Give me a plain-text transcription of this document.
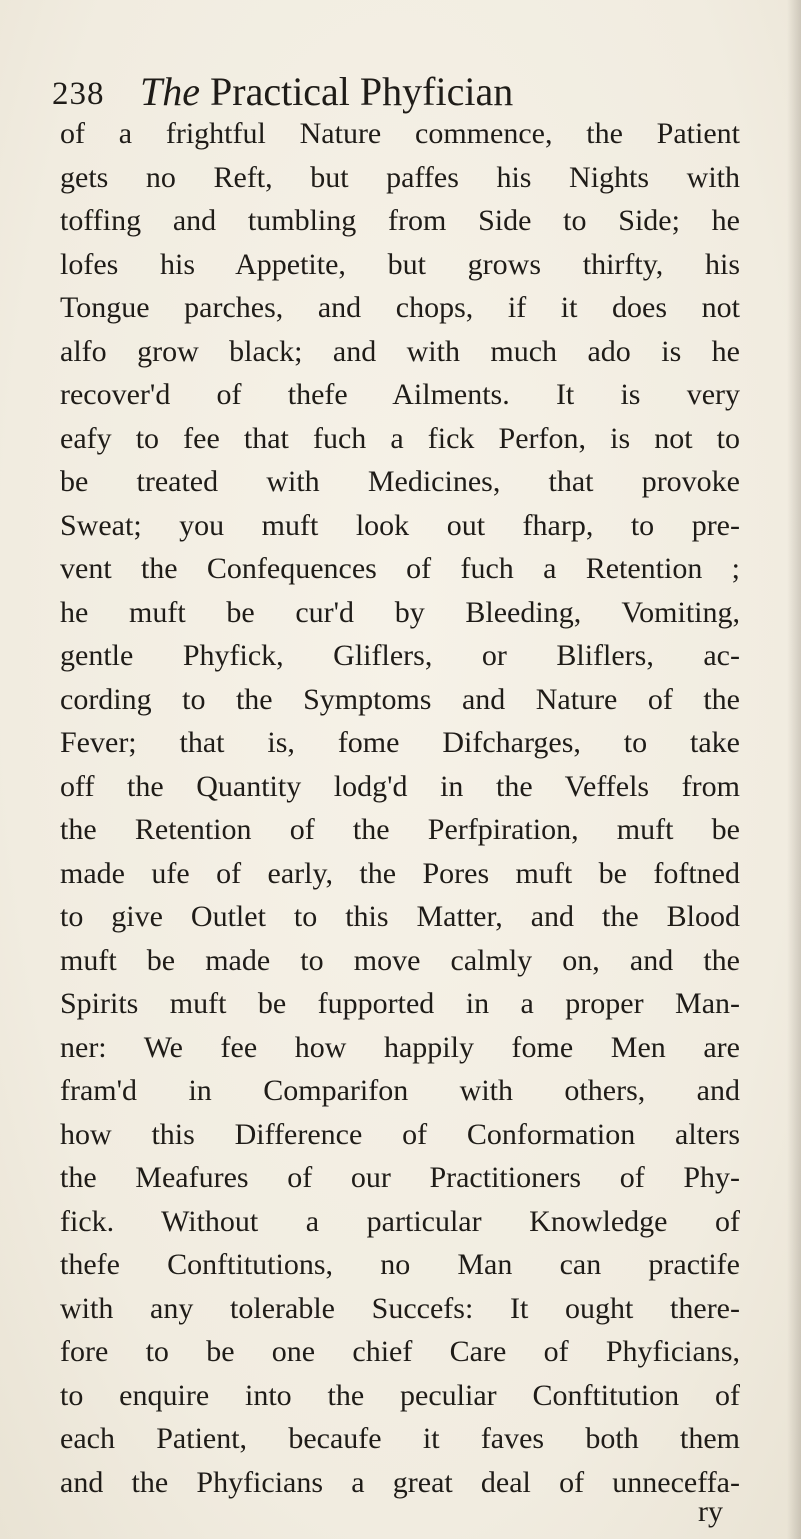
238 The Practical Phyfician
of a frightful Nature commence, the Patient
gets no Reft, but paffes his Nights with
toffing and tumbling from Side to Side; he
lofes his Appetite, but grows thirfty, his
Tongue parches, and chops, if it does not
alfo grow black; and with much ado is he
recover'd of thefe Ailments. It is very
eafy to fee that fuch a fick Perfon, is not to
be treated with Medicines, that provoke
Sweat; you muft look out fharp, to pre-
vent the Confequences of fuch a Retention ;
he muft be cur'd by Bleeding, Vomiting,
gentle Phyfick, Gliflers, or Bliflers, ac-
cording to the Symptoms and Nature of the
Fever; that is, fome Difcharges, to take
off the Quantity lodg'd in the Veffels from
the Retention of the Perfpiration, muft be
made ufe of early, the Pores muft be foftned
to give Outlet to this Matter, and the Blood
muft be made to move calmly on, and the
Spirits muft be fupported in a proper Man-
ner: We fee how happily fome Men are
fram'd in Comparifon with others, and
how this Difference of Conformation alters
the Meafures of our Practitioners of Phy-
fick. Without a particular Knowledge of
thefe Conftitutions, no Man can practife
with any tolerable Succefs: It ought there-
fore to be one chief Care of Phyficians,
to enquire into the peculiar Conftitution of
each Patient, becaufe it faves both them
and the Phyficians a great deal of unneceffa-
ry
